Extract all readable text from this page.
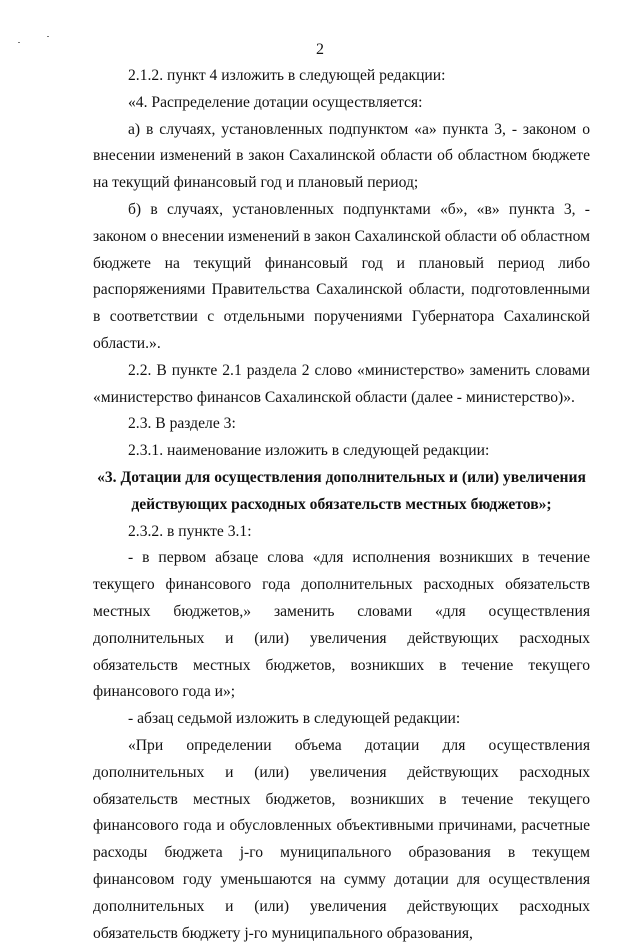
2

2.1.2. пункт 4 изложить в следующей редакции:

«4. Распределение дотации осуществляется:

а) в случаях, установленных подпунктом «а» пункта 3, - законом о внесении изменений в закон Сахалинской области об областном бюджете на текущий финансовый год и плановый период;

б) в случаях, установленных подпунктами «б», «в» пункта 3, - законом о внесении изменений в закон Сахалинской области об областном бюджете на текущий финансовый год и плановый период либо распоряжениями Правительства Сахалинской области, подготовленными в соответствии с отдельными поручениями Губернатора Сахалинской области.».

2.2. В пункте 2.1 раздела 2 слово «министерство» заменить словами «министерство финансов Сахалинской области (далее - министерство)».

2.3. В разделе 3:

2.3.1. наименование изложить в следующей редакции:

«3. Дотации для осуществления дополнительных и (или) увеличения
действующих расходных обязательств местных бюджетов»;

2.3.2. в пункте 3.1:

- в первом абзаце слова «для исполнения возникших в течение текущего финансового года дополнительных расходных обязательств местных бюджетов,» заменить словами «для осуществления дополнительных и (или) увеличения действующих расходных обязательств местных бюджетов, возникших в течение текущего финансового года и»;

- абзац седьмой изложить в следующей редакции:

«При определении объема дотации для осуществления дополнительных и (или) увеличения действующих расходных обязательств местных бюджетов, возникших в течение текущего финансового года и обусловленных объективными причинами, расчетные расходы бюджета j-го муниципального образования в текущем финансовом году уменьшаются на сумму дотации для осуществления дополнительных и (или) увеличения действующих расходных обязательств бюджету j-го муниципального образования,
